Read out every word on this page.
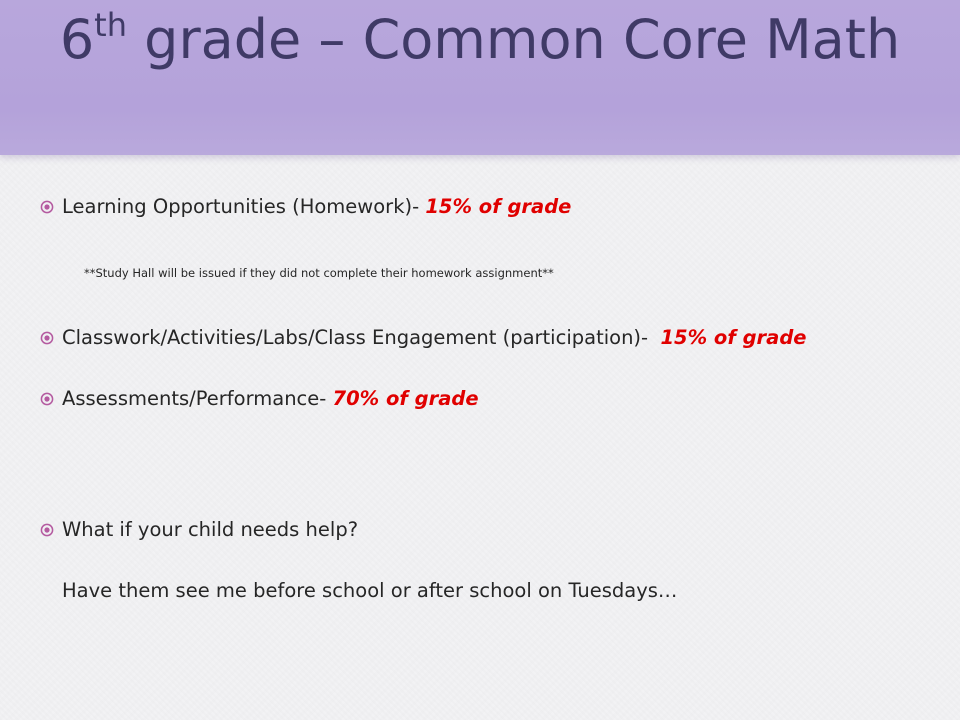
6th grade – Common Core Math
Learning Opportunities (Homework)- 15% of grade
**Study Hall will be issued if they did not complete their homework assignment**
Classwork/Activities/Labs/Class Engagement (participation)- 15% of grade
Assessments/Performance- 70% of grade
What if your child needs help?
Have them see me before school or after school on Tuesdays…
